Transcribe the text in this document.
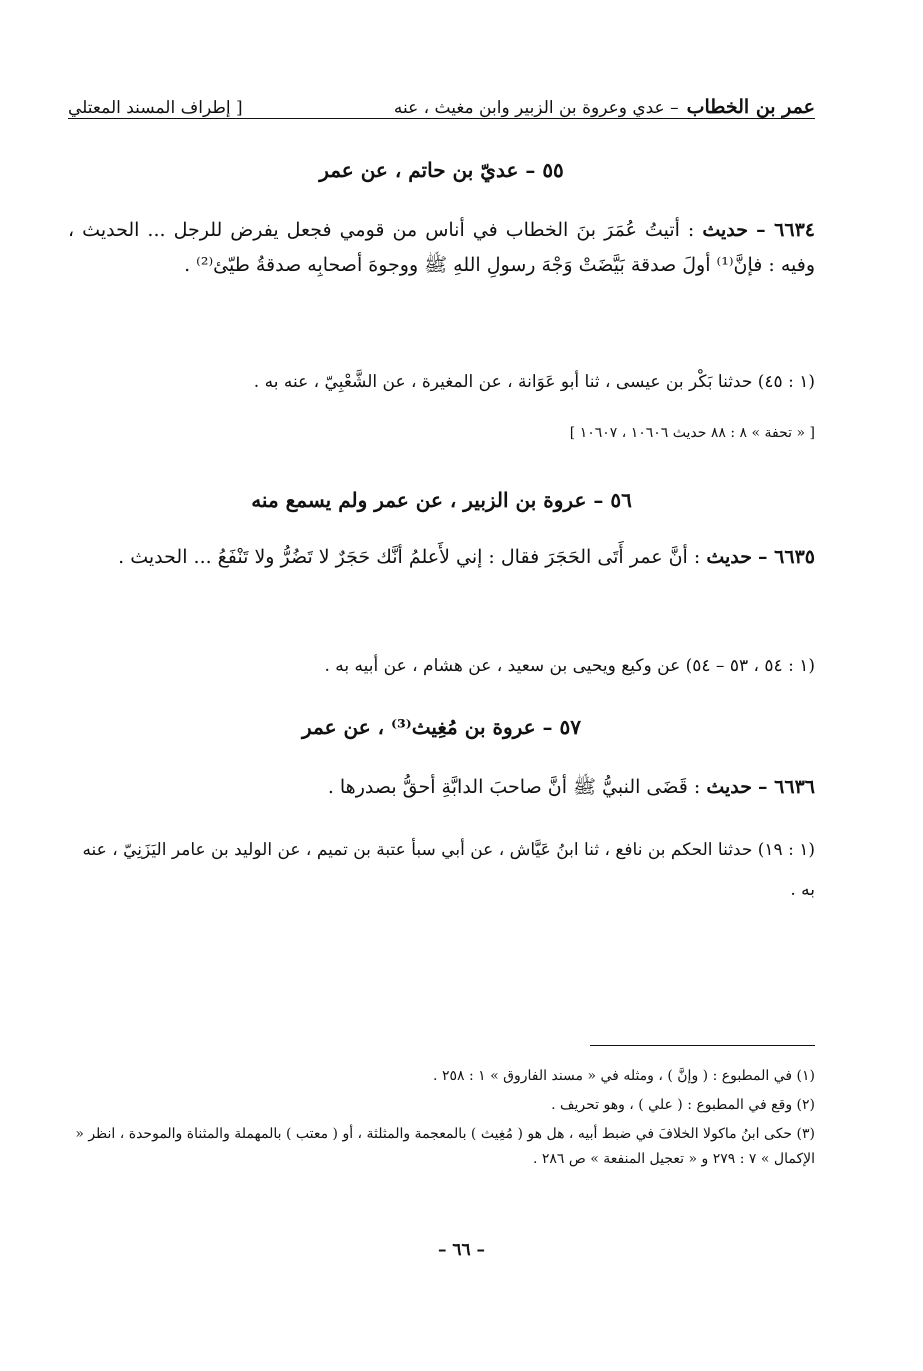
عمر بن الخطاب
– عدي وعروة بن الزبير وابن مغيث ، عنه
[ إطراف المسند المعتلي
٥٥ – عديّ بن حاتم ، عن عمر
٦٦٣٤ – حديث : أتيتُ عُمَرَ بنَ الخطاب في أناس من قومي فجعل يفرض للرجل ... الحديث ، وفيه : فإنَّ⁽¹⁾ أولَ صدقة بَيَّضَتْ وَجْهَ رسولِ اللهِ ﷺ ووجوهَ أصحابِه صدقةُ طيّئ⁽²⁾ .
(١ : ٤٥) حدثنا بَكْر بن عيسى ، ثنا أبو عَوَانة ، عن المغيرة ، عن الشَّعْبِيّ ، عنه به .
[ « تحفة » ٨ : ٨٨ حديث ١٠٦٠٦ ، ١٠٦٠٧ ]
٥٦ – عروة بن الزبير ، عن عمر ولم يسمع منه
٦٦٣٥ – حديث : أنَّ عمر أَتَى الحَجَرَ فقال : إني لأَعلمُ أنَّك حَجَرٌ لا تَضُرُّ ولا تَنْفَعُ ... الحديث .
(١ : ٥٤ ، ٥٣ – ٥٤) عن وكيع ويحيى بن سعيد ، عن هشام ، عن أبيه به .
٥٧ – عروة بن مُغِيث⁽³⁾ ، عن عمر
٦٦٣٦ – حديث : قَضَى النبيُّ ﷺ أنَّ صاحبَ الدابَّةِ أحقُّ بصدرها .
(١ : ١٩) حدثنا الحكم بن نافع ، ثنا ابنُ عَيَّاش ، عن أبي سبأ عتبة بن تميم ، عن الوليد بن عامر اليَزَنِيّ ، عنه به .
(١) في المطبوع : ( وإنَّ ) ، ومثله في « مسند الفاروق » ١ : ٢٥٨ .
(٢) وقع في المطبوع : ( علي ) ، وهو تحريف .
(٣) حكى ابنُ ماكولا الخلافَ في ضبط أبيه ، هل هو ( مُغِيث ) بالمعجمة والمثلثة ، أو ( معتب ) بالمهملة والمثناة والموحدة ، انظر « الإكمال » ٧ : ٢٧٩ و « تعجيل المنفعة » ص ٢٨٦ .
– ٦٦ –
